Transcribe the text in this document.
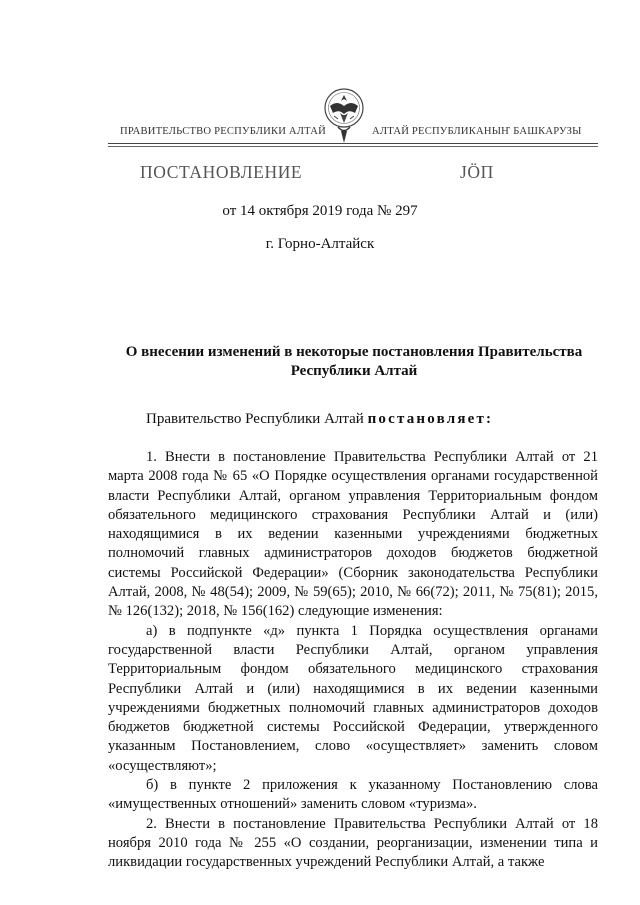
ПРАВИТЕЛЬСТВО РЕСПУБЛИКИ АЛТАЙ	АЛТАЙ РЕСПУБЛИКАНЫҤ БАШКАРУЗЫ
ПОСТАНОВЛЕНИЕ	ЈӦП
от 14 октября 2019 года № 297
г. Горно-Алтайск
О внесении изменений в некоторые постановления Правительства Республики Алтай
Правительство Республики Алтай постановляет:

1. Внести в постановление Правительства Республики Алтай от 21 марта 2008 года № 65 «О Порядке осуществления органами государственной власти Республики Алтай, органом управления Территориальным фондом обязательного медицинского страхования Республики Алтай и (или) находящимися в их ведении казенными учреждениями бюджетных полномочий главных администраторов доходов бюджетов бюджетной системы Российской Федерации» (Сборник законодательства Республики Алтай, 2008, № 48(54); 2009, № 59(65); 2010, № 66(72); 2011, № 75(81); 2015, № 126(132); 2018, № 156(162) следующие изменения:

а) в подпункте «д» пункта 1 Порядка осуществления органами государственной власти Республики Алтай, органом управления Территориальным фондом обязательного медицинского страхования Республики Алтай и (или) находящимися в их ведении казенными учреждениями бюджетных полномочий главных администраторов доходов бюджетов бюджетной системы Российской Федерации, утвержденного указанным Постановлением, слово «осуществляет» заменить словом «осуществляют»;

б) в пункте 2 приложения к указанному Постановлению слова «имущественных отношений» заменить словом «туризма».

2. Внести в постановление Правительства Республики Алтай от 18 ноября 2010 года № 255 «О создании, реорганизации, изменении типа и ликвидации государственных учреждений Республики Алтай, а также
